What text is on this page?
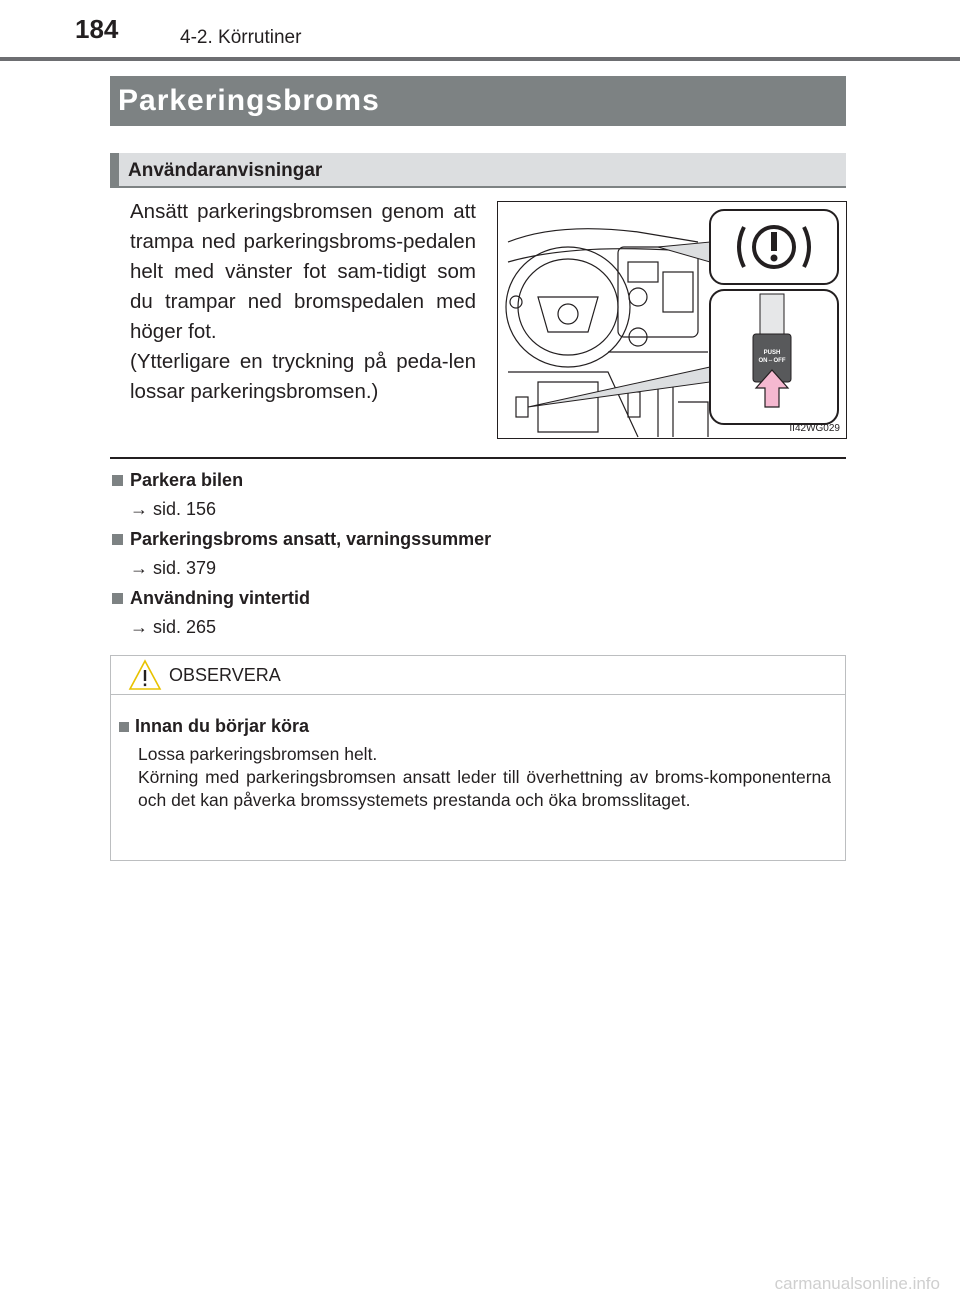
184	4-2. Körrutiner
Parkeringsbroms
Användaranvisningar

Ansätt parkeringsbromsen genom att trampa ned parkeringsbroms-pedalen helt med vänster fot sam-tidigt som du trampar ned bromspedalen med höger fot.

(Ytterligare en tryckning på peda-len lossar parkeringsbromsen.)

PUSH
ON⇔OFF
II42WG029
Parkera bilen
→ sid. 156
Parkeringsbroms ansatt, varningssummer
→ sid. 379
Användning vintertid
→ sid. 265
OBSERVERA
Innan du börjar köra

Lossa parkeringsbromsen helt.

Körning med parkeringsbromsen ansatt leder till överhettning av broms-komponenterna och det kan påverka bromssystemets prestanda och öka bromsslitaget.

carmanualsonline.info
